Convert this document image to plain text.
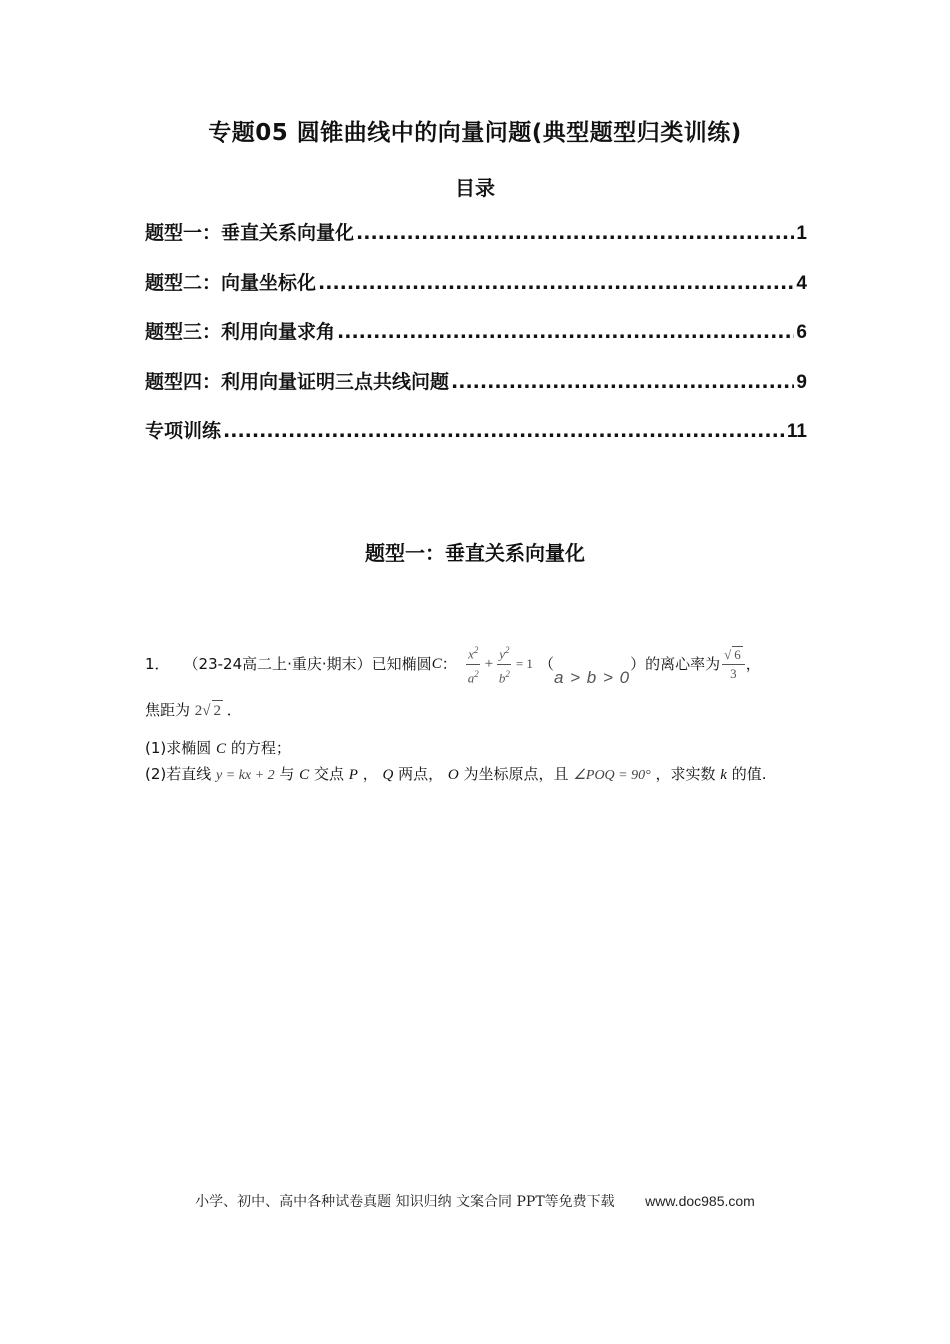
专题05 圆锥曲线中的向量问题(典型题型归类训练)
目录
题型一：垂直关系向量化 .....	1
题型二：向量坐标化 .....	4
题型三：利用向量求角 .....	6
题型四：利用向量证明三点共线问题 .....	9
专项训练 .....	11
题型一：垂直关系向量化
1． （23-24高二上·重庆·期末） 已知椭圆 C ： $\frac{x^2}{a^2} + \frac{y^2}{b^2} = 1$ （
a > b > 0
） 的离心率为 $\frac{√ 6}{3}$ ，
焦距为 2√ 2 ．
(1)求椭圆 C 的方程；
(2)若直线 y = kx + 2 与 C 交点 P ， Q 两点， O 为坐标原点，且 ∠POQ = 90° ，求实数 k 的值.
小学、初中、高中各种试卷真题 知识归纳 文案合同 PPT等免费下载 www.doc985.com
